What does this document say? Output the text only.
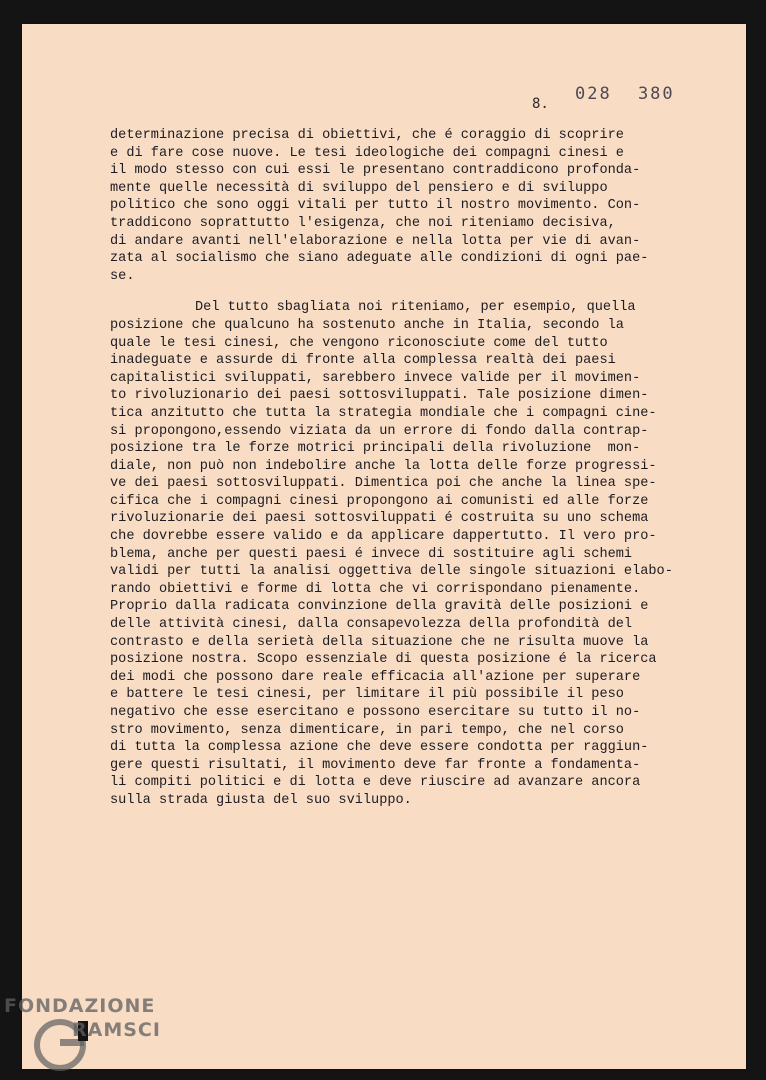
8. 028 380
determinazione precisa di obiettivi, che é coraggio di scoprire
e di fare cose nuove. Le tesi ideologiche dei compagni cinesi e
il modo stesso con cui essi le presentano contraddicono profonda-
mente quelle necessità di sviluppo del pensiero e di sviluppo
politico che sono oggi vitali per tutto il nostro movimento. Con-
traddicono soprattutto l'esigenza, che noi riteniamo decisiva,
di andare avanti nell'elaborazione e nella lotta per vie di avan-
zata al socialismo che siano adeguate alle condizioni di ogni pae-
se.
Del tutto sbagliata noi riteniamo, per esempio, quella
posizione che qualcuno ha sostenuto anche in Italia, secondo la
quale le tesi cinesi, che vengono riconosciute come del tutto
inadeguate e assurde di fronte alla complessa realtà dei paesi
capitalistici sviluppati, sarebbero invece valide per il movimen-
to rivoluzionario dei paesi sottosviluppati. Tale posizione dimen-
tica anzitutto che tutta la strategia mondiale che i compagni cine-
si propongono,essendo viziata da un errore di fondo dalla contrap-
posizione tra le forze motrici principali della rivoluzione  mon-
diale, non può non indebolire anche la lotta delle forze progressi-
ve dei paesi sottosviluppati. Dimentica poi che anche la linea spe-
cifica che i compagni cinesi propongono ai comunisti ed alle forze
rivoluzionarie dei paesi sottosviluppati é costruita su uno schema
che dovrebbe essere valido e da applicare dappertutto. Il vero pro-
blema, anche per questi paesi é invece di sostituire agli schemi
validi per tutti la analisi oggettiva delle singole situazioni elabo-
rando obiettivi e forme di lotta che vi corrispondano pienamente.
Proprio dalla radicata convinzione della gravità delle posizioni e
delle attività cinesi, dalla consapevolezza della profondità del
contrasto e della serietà della situazione che ne risulta muove la
posizione nostra. Scopo essenziale di questa posizione é la ricerca
dei modi che possono dare reale efficacia all'azione per superare
e battere le tesi cinesi, per limitare il più possibile il peso
negativo che esse esercitano e possono esercitare su tutto il no-
stro movimento, senza dimenticare, in pari tempo, che nel corso
di tutta la complessa azione che deve essere condotta per raggiun-
gere questi risultati, il movimento deve far fronte a fondamenta-
li compiti politici e di lotta e deve riuscire ad avanzare ancora
sulla strada giusta del suo sviluppo.
FONDAZIONE
RAMSCI
